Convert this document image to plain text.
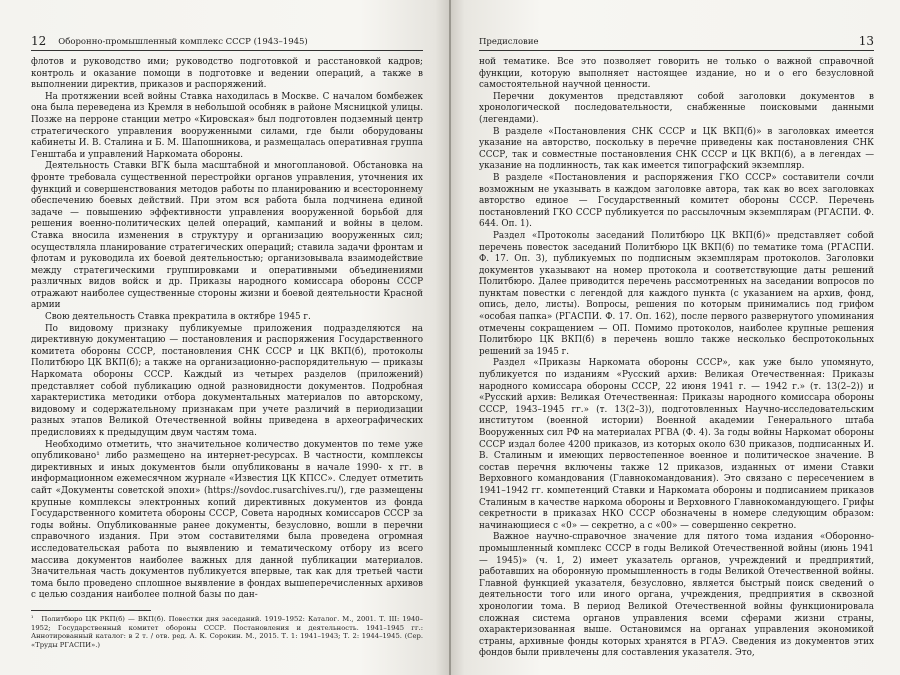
12 Оборонно-промышленный комплекс СССР (1943–1945)

флотов и руководство ими; руководство подготовкой и расстановкой кадров; контроль и оказание помощи в подготовке и ведении операций, а также в выполнении директив, приказов и распоряжений.

На протяжении всей войны Ставка находилась в Москве. С началом бомбежек она была переведена из Кремля в небольшой особняк в районе Мясницкой улицы. Позже на перроне станции метро «Кировская» был подготовлен подземный центр стратегического управления вооруженными силами, где были оборудованы кабинеты И. В. Сталина и Б. М. Шапошникова, и размещалась оперативная группа Генштаба и управлений Наркомата обороны.

Деятельность Ставки ВГК была масштабной и многоплановой. Обстановка на фронте требовала существенной перестройки органов управления, уточнения их функций и совершенствования методов работы по планированию и всестороннему обеспечению боевых действий. При этом вся работа была подчинена единой задаче — повышению эффективности управления вооруженной борьбой для решения военно-политических целей операций, кампаний и войны в целом. Ставка вносила изменения в структуру и организацию вооруженных сил; осуществляла планирование стратегических операций; ставила задачи фронтам и флотам и руководила их боевой деятельностью; организовывала взаимодействие между стратегическими группировками и оперативными объединениями различных видов войск и др. Приказы народного комиссара обороны СССР отражают наиболее существенные стороны жизни и боевой деятельности Красной армии

Свою деятельность Ставка прекратила в октябре 1945 г.

По видовому признаку публикуемые приложения подразделяются на директивную документацию — постановления и распоряжения Государственного комитета обороны СССР, постановления СНК СССР и ЦК ВКП(б), протоколы Политбюро ЦК ВКП(б); а также на организационно-распорядительную — приказы Наркомата обороны СССР. Каждый из четырех разделов (приложений) представляет собой публикацию одной разновидности документов. Подробная характеристика методики отбора документальных материалов по авторскому, видовому и содержательному признакам при учете различий в периодизации разных этапов Великой Отечественной войны приведена в археографических предисловиях к предыдущим двум частям тома.

Необходимо отметить, что значительное количество документов по теме уже опубликовано¹ либо размещено на интернет-ресурсах. В частности, комплексы директивных и иных документов были опубликованы в начале 1990- х гг. в информационном ежемесячном журнале «Известия ЦК КПСС». Следует отметить сайт «Документы советской эпохи» (https://sovdoc.rusarchives.ru/), где размещены крупные комплексы электронных копий директивных документов из фонда Государственного комитета обороны СССР, Совета народных комиссаров СССР за годы войны. Опубликованные ранее документы, безусловно, вошли в перечни справочного издания. При этом составителями была проведена огромная исследовательская работа по выявлению и тематическому отбору из всего массива документов наиболее важных для данной публикации материалов. Значительная часть документов публикуется впервые, так как для третьей части тома было проведено сплошное выявление в фондах вышеперечисленных архивов с целью создания наиболее полной базы по дан-

¹ Политбюро ЦК РКП(б) — ВКП(б). Повестки дня заседаний. 1919–1952: Каталог. М., 2001. Т. III: 1940–1952; Государственный комитет обороны СССР. Постановления и деятельность. 1941–1945 гг.: Аннотированный каталог: в 2 т. / отв. ред. А. К. Сорокин. М., 2015. Т. 1: 1941–1943; Т. 2: 1944–1945. (Сер. «Труды РГАСПИ».)
Предисловие	13

ной тематике. Все это позволяет говорить не только о важной справочной функции, которую выполняет настоящее издание, но и о его безусловной самостоятельной научной ценности.

Перечни документов представляют собой заголовки документов в хронологической последовательности, снабженные поисковыми данными (легендами).

В разделе «Постановления СНК СССР и ЦК ВКП(б)» в заголовках имеется указание на авторство, поскольку в перечне приведены как постановления СНК СССР, так и совместные постановления СНК СССР и ЦК ВКП(б), а в легендах — указание на подлинность, так как имеется типографский экземпляр.

В разделе «Постановления и распоряжения ГКО СССР» составители сочли возможным не указывать в каждом заголовке автора, так как во всех заголовках авторство единое — Государственный комитет обороны СССР. Перечень постановлений ГКО СССР публикуется по рассылочным экземплярам (РГАСПИ. Ф. 644. Оп. 1).

Раздел «Протоколы заседаний Политбюро ЦК ВКП(б)» представляет собой перечень повесток заседаний Политбюро ЦК ВКП(б) по тематике тома (РГАСПИ. Ф. 17. Оп. 3), публикуемых по подписным экземплярам протоколов. Заголовки документов указывают на номер протокола и соответствующие даты решений Политбюро. Далее приводится перечень рассмотренных на заседании вопросов по пунктам повестки с легендой для каждого пункта (с указанием на архив, фонд, опись, дело, листы). Вопросы, решения по которым принимались под грифом «особая папка» (РГАСПИ. Ф. 17. Оп. 162), после первого развернутого упоминания отмечены сокращением — ОП. Помимо протоколов, наиболее крупные решения Политбюро ЦК ВКП(б) в перечень вошло также несколько беспротокольных решений за 1945 г.

Раздел «Приказы Наркомата обороны СССР», как уже было упомянуто, публикуется по изданиям «Русский архив: Великая Отечественная: Приказы народного комиссара обороны СССР, 22 июня 1941 г. — 1942 г.» (т. 13(2–2)) и «Русский архив: Великая Отечественная: Приказы народного комиссара обороны СССР, 1943–1945 гг.» (т. 13(2–3)), подготовленных Научно-исследовательским институтом (военной истории) Военной академии Генерального штаба Вооруженных сил РФ на материалах РГВА (Ф. 4). За годы войны Наркомат обороны СССР издал более 4200 приказов, из которых около 630 приказов, подписанных И. В. Сталиным и имеющих первостепенное военное и политическое значение. В состав перечня включены также 12 приказов, изданных от имени Ставки Верховного командования (Главнокомандования). Это связано с пересечением в 1941–1942 гг. компетенций Ставки и Наркомата обороны и подписанием приказов Сталиным в качестве наркома обороны и Верховного Главнокомандующего. Грифы секретности в приказах НКО СССР обозначены в номере следующим образом: начинающиеся с «0» — секретно, а с «00» — совершенно секретно.

Важное научно-справочное значение для пятого тома издания «Оборонно-промышленный комплекс СССР в годы Великой Отечественной войны (июнь 1941 — 1945)» (ч. 1, 2) имеет указатель органов, учреждений и предприятий, работавших на оборонную промышленность в годы Великой Отечественной войны. Главной функцией указателя, безусловно, является быстрый поиск сведений о деятельности того или иного органа, учреждения, предприятия в сквозной хронологии тома. В период Великой Отечественной войны функционировала сложная система органов управления всеми сферами жизни страны, охарактеризованная выше. Остановимся на органах управления экономикой страны, архивные фонды которых хранятся в РГАЭ. Сведения из документов этих фондов были привлечены для составления указателя. Это,
